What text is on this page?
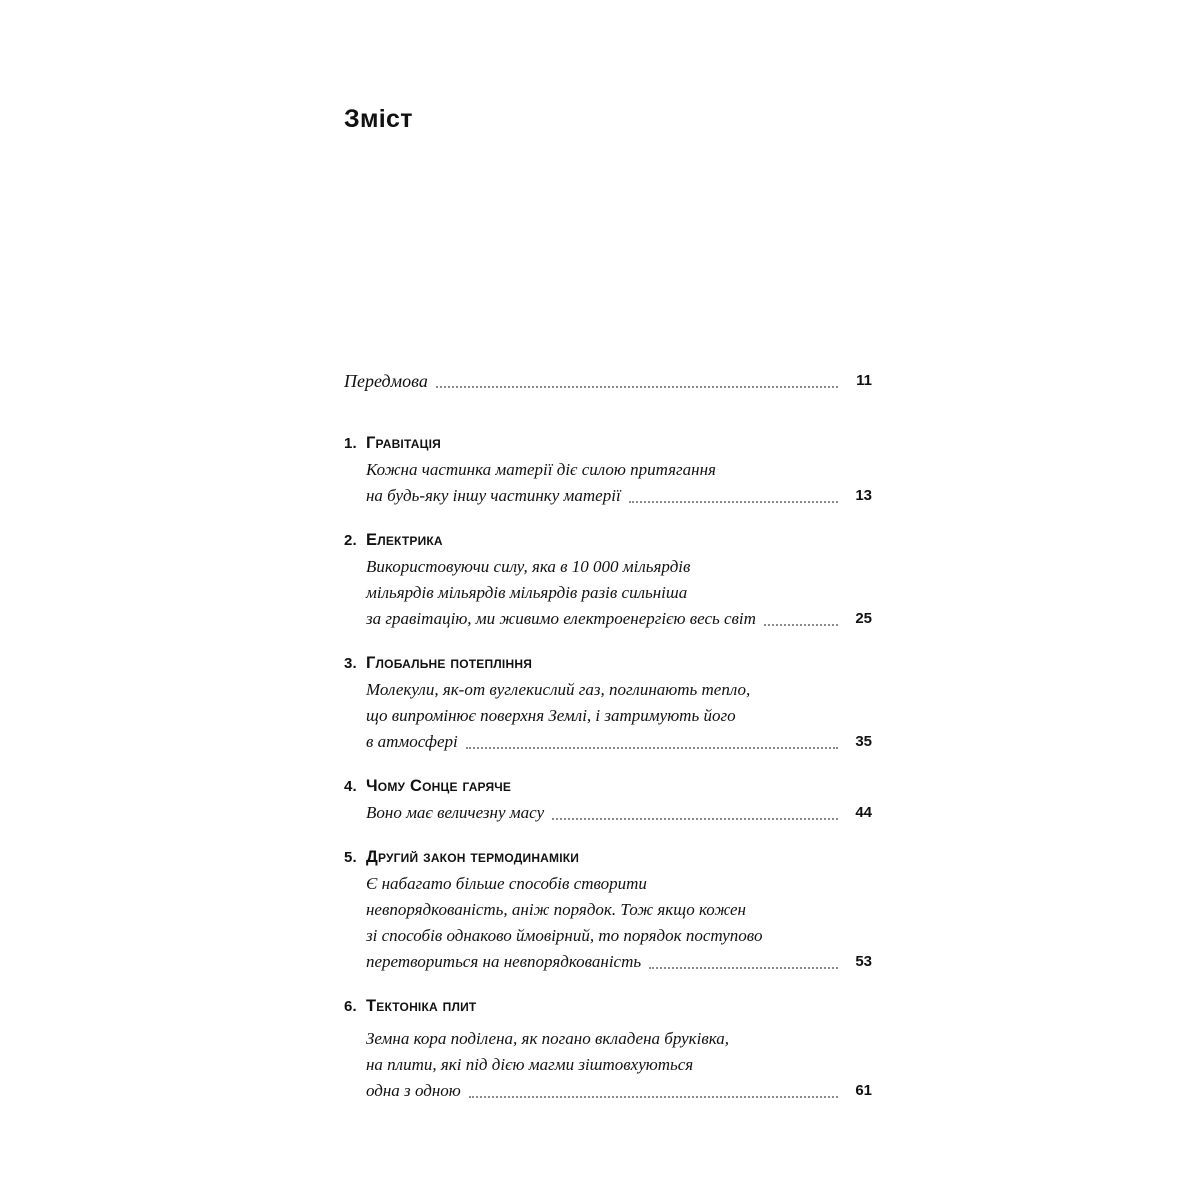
Зміст
Передмова	11
1. Гравітація
Кожна частинка матерії діє силою притягання
на будь-яку іншу частинку матерії	13
2. Електрика
Використовуючи силу, яка в 10 000 мільярдів
мільярдів мільярдів мільярдів разів сильніша
за гравітацію, ми живимо електроенергією весь світ	25
3. Глобальне потепління
Молекули, як-от вуглекислий газ, поглинають тепло,
що випромінює поверхня Землі, і затримують його
в атмосфері	35
4. Чому Сонце гаряче
Воно має величезну масу	44
5. Другий закон термодинаміки
Є набагато більше способів створити
невпорядкованість, аніж порядок. Тож якщо кожен
зі способів однаково ймовірний, то порядок поступово
перетвориться на невпорядкованість	53
6. Тектоніка плит
Земна кора поділена, як погано вкладена бруківка,
на плити, які під дією магми зіштовхуються
одна з одною	61
